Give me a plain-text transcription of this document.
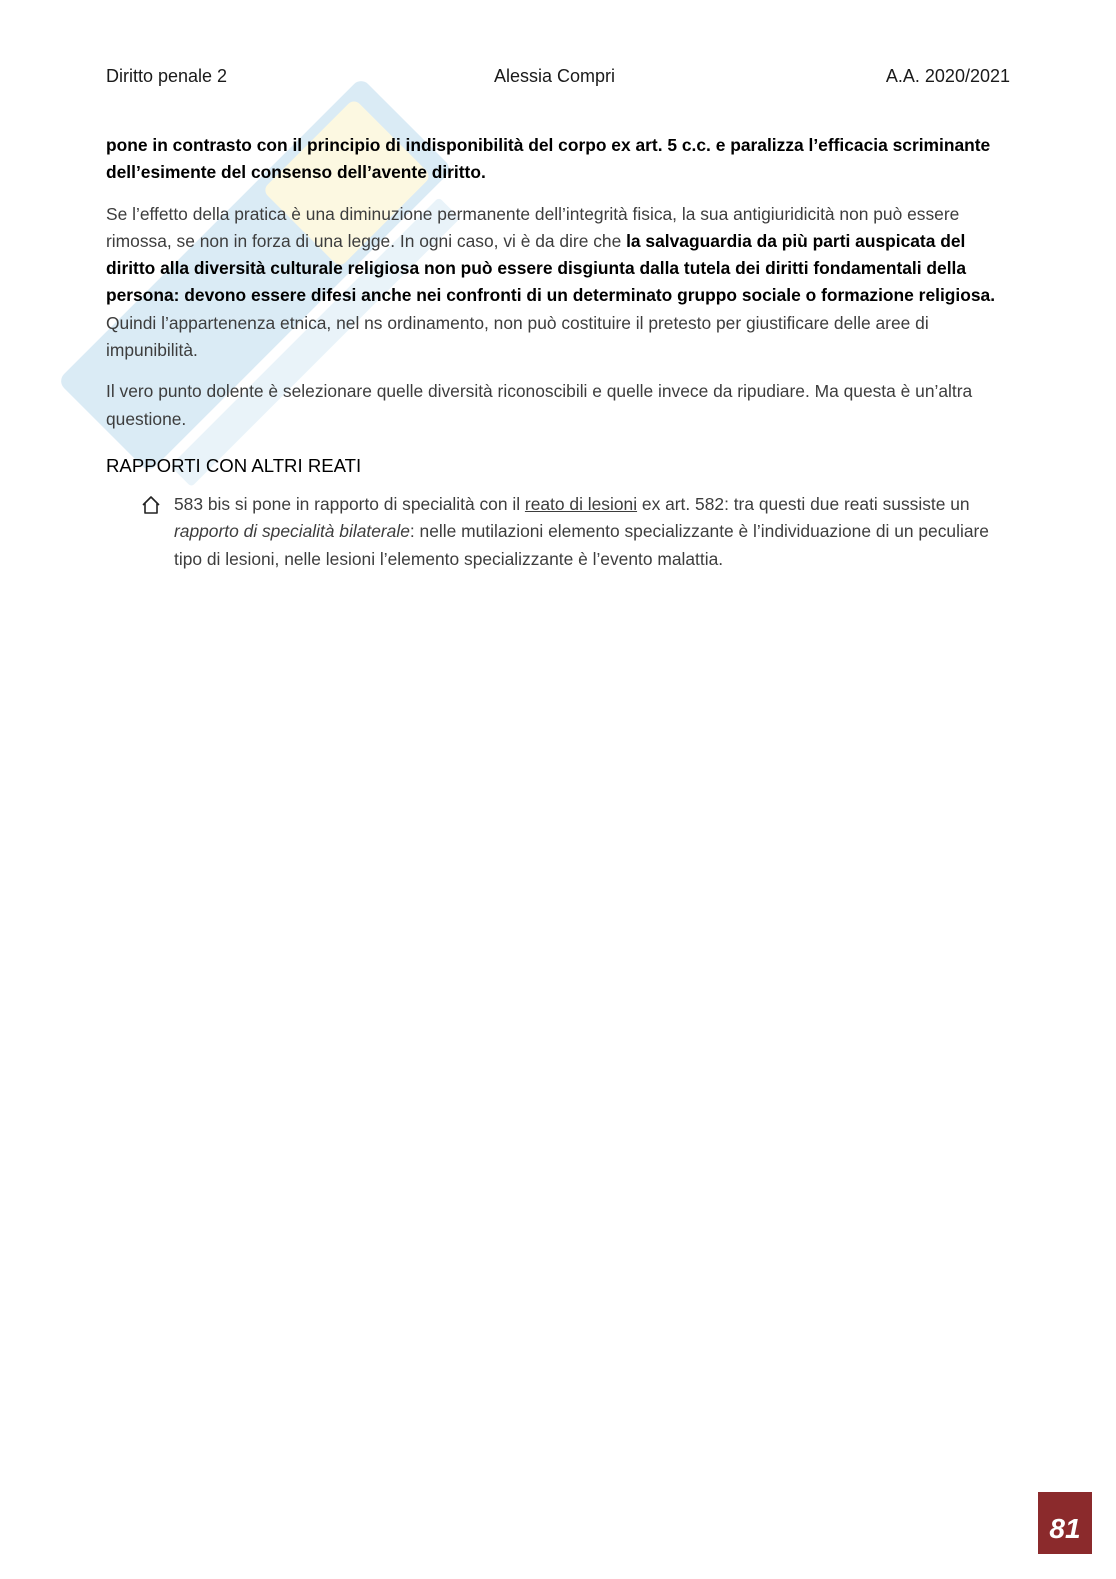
Diritto penale 2	Alessia Compri	A.A. 2020/2021

pone in contrasto con il principio di indisponibilità del corpo ex art. 5 c.c. e paralizza l’efficacia scriminante dell’esimente del consenso dell’avente diritto.

Se l’effetto della pratica è una diminuzione permanente dell’integrità fisica, la sua antigiuridicità non può essere rimossa, se non in forza di una legge. In ogni caso, vi è da dire che la salvaguardia da più parti auspicata del diritto alla diversità culturale religiosa non può essere disgiunta dalla tutela dei diritti fondamentali della persona: devono essere difesi anche nei confronti di un determinato gruppo sociale o formazione religiosa. Quindi l’appartenenza etnica, nel ns ordinamento, non può costituire il pretesto per giustificare delle aree di impunibilità.

Il vero punto dolente è selezionare quelle diversità riconoscibili e quelle invece da ripudiare. Ma questa è un’altra questione.

RAPPORTI CON ALTRI REATI

583 bis si pone in rapporto di specialità con il reato di lesioni ex art. 582: tra questi due reati sussiste un rapporto di specialità bilaterale: nelle mutilazioni elemento specializzante è l’individuazione di un peculiare tipo di lesioni, nelle lesioni l’elemento specializzante è l’evento malattia.

81
